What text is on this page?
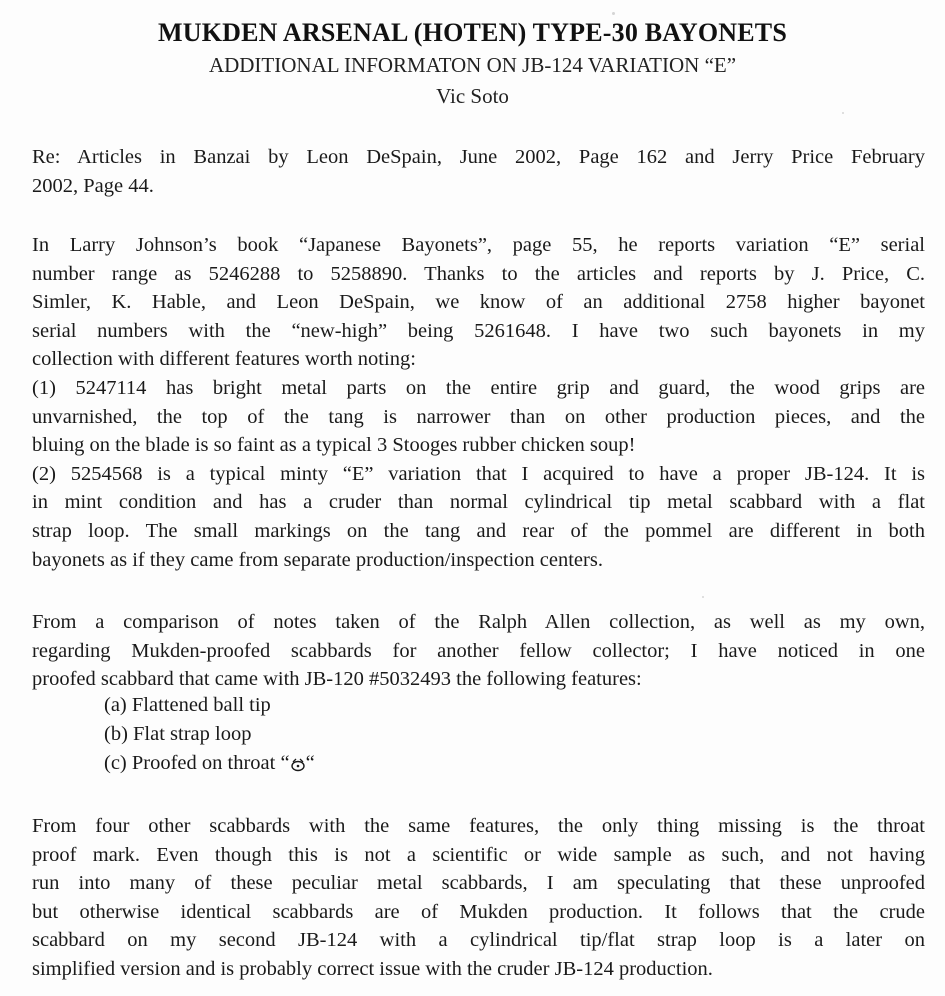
MUKDEN ARSENAL (HOTEN) TYPE-30 BAYONETS
ADDITIONAL INFORMATON ON JB-124 VARIATION “E”
Vic Soto
Re: Articles in Banzai by Leon DeSpain, June 2002, Page 162 and Jerry Price February
2002, Page 44.
In Larry Johnson’s book “Japanese Bayonets”, page 55, he reports variation “E” serial
number range as 5246288 to 5258890. Thanks to the articles and reports by J. Price, C.
Simler, K. Hable, and Leon DeSpain, we know of an additional 2758 higher bayonet
serial numbers with the “new-high” being 5261648. I have two such bayonets in my
collection with different features worth noting:
(1) 5247114 has bright metal parts on the entire grip and guard, the wood grips are
unvarnished, the top of the tang is narrower than on other production pieces, and the
bluing on the blade is so faint as a typical 3 Stooges rubber chicken soup!
(2) 5254568 is a typical minty “E” variation that I acquired to have a proper JB-124. It is
in mint condition and has a cruder than normal cylindrical tip metal scabbard with a flat
strap loop. The small markings on the tang and rear of the pommel are different in both
bayonets as if they came from separate production/inspection centers.
From a comparison of notes taken of the Ralph Allen collection, as well as my own,
regarding Mukden-proofed scabbards for another fellow collector; I have noticed in one
proofed scabbard that came with JB-120 #5032493 the following features:
(a) Flattened ball tip
(b) Flat strap loop
(c) Proofed on throat “ “
From four other scabbards with the same features, the only thing missing is the throat
proof mark. Even though this is not a scientific or wide sample as such, and not having
run into many of these peculiar metal scabbards, I am speculating that these unproofed
but otherwise identical scabbards are of Mukden production. It follows that the crude
scabbard on my second JB-124 with a cylindrical tip/flat strap loop is a later on
simplified version and is probably correct issue with the cruder JB-124 production.
